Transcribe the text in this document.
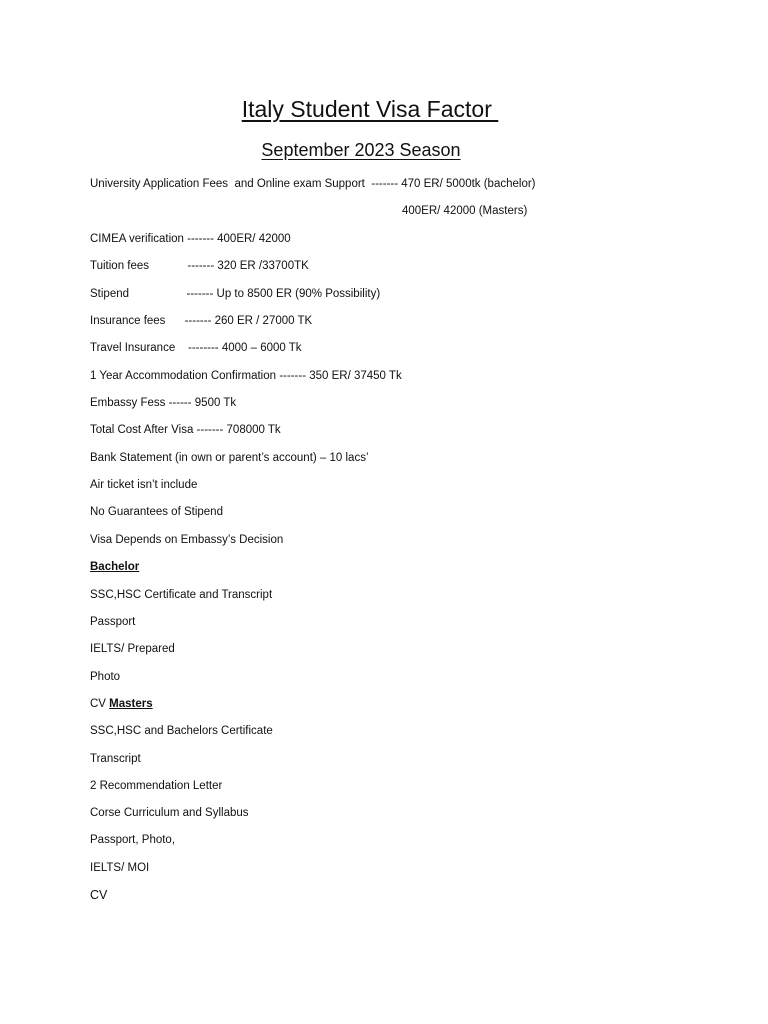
Italy Student Visa Factor
September 2023 Season
University Application Fees  and Online exam Support  ------- 470 ER/ 5000tk (bachelor)
400ER/ 42000 (Masters)
CIMEA verification ------- 400ER/ 42000
Tuition fees            ------- 320 ER /33700TK
Stipend                  ------- Up to 8500 ER (90% Possibility)
Insurance fees      ------- 260 ER / 27000 TK
Travel Insurance    -------- 4000 – 6000 Tk
1 Year Accommodation Confirmation ------- 350 ER/ 37450 Tk
Embassy Fess ------ 9500 Tk
Total Cost After Visa ------- 708000 Tk
Bank Statement (in own or parent’s account) – 10 lacs’
Air ticket isn’t include
No Guarantees of Stipend
Visa Depends on Embassy’s Decision
Bachelor
SSC,HSC Certificate and Transcript
Passport
IELTS/ Prepared
Photo
CV Masters
SSC,HSC and Bachelors Certificate
Transcript
2 Recommendation Letter
Corse Curriculum and Syllabus
Passport, Photo,
IELTS/ MOI
CV
